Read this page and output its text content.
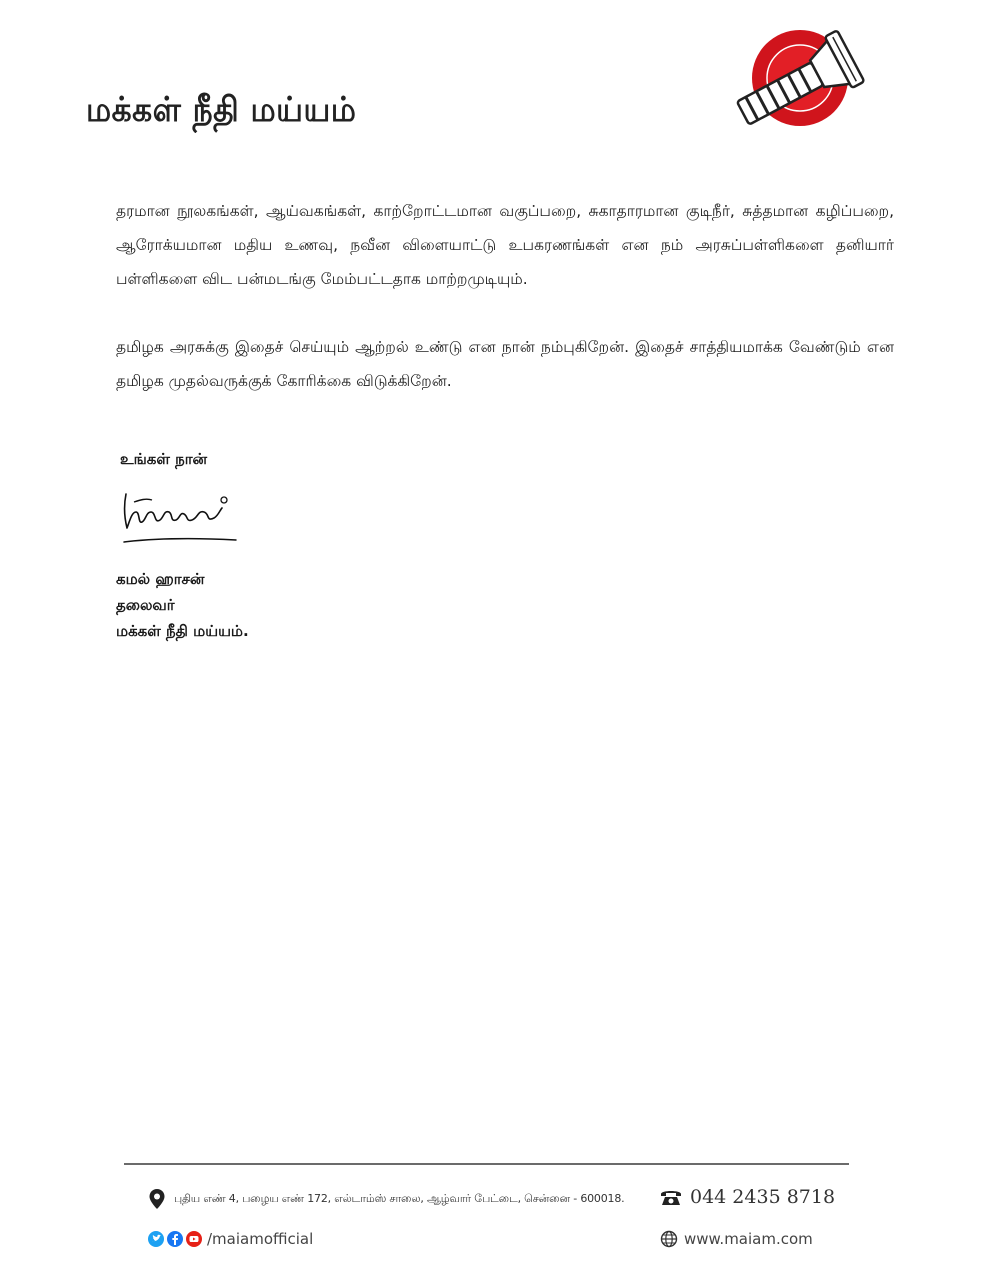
மக்கள் நீதி மய்யம்

தரமான நூலகங்கள், ஆய்வகங்கள், காற்றோட்டமான வகுப்பறை, சுகாதாரமான குடிநீர், சுத்தமான கழிப்பறை, ஆரோக்யமான மதிய உணவு, நவீன விளையாட்டு உபகரணங்கள் என நம் அரசுப்பள்ளிகளை தனியார் பள்ளிகளை விட பன்மடங்கு மேம்பட்டதாக மாற்றமுடியும்.

தமிழக அரசுக்கு இதைச் செய்யும் ஆற்றல் உண்டு என நான் நம்புகிறேன். இதைச் சாத்தியமாக்க வேண்டும் என தமிழக முதல்வருக்குக் கோரிக்கை விடுக்கிறேன்.

உங்கள் நான்
கமல் ஹாசன்
தலைவர்
மக்கள் நீதி மய்யம்.
புதிய எண் 4, பழைய எண் 172, எல்டாம்ஸ் சாலை, ஆழ்வார் பேட்டை, சென்னை - 600018.	044 2435 8718
/maiamofficial	www.maiam.com
